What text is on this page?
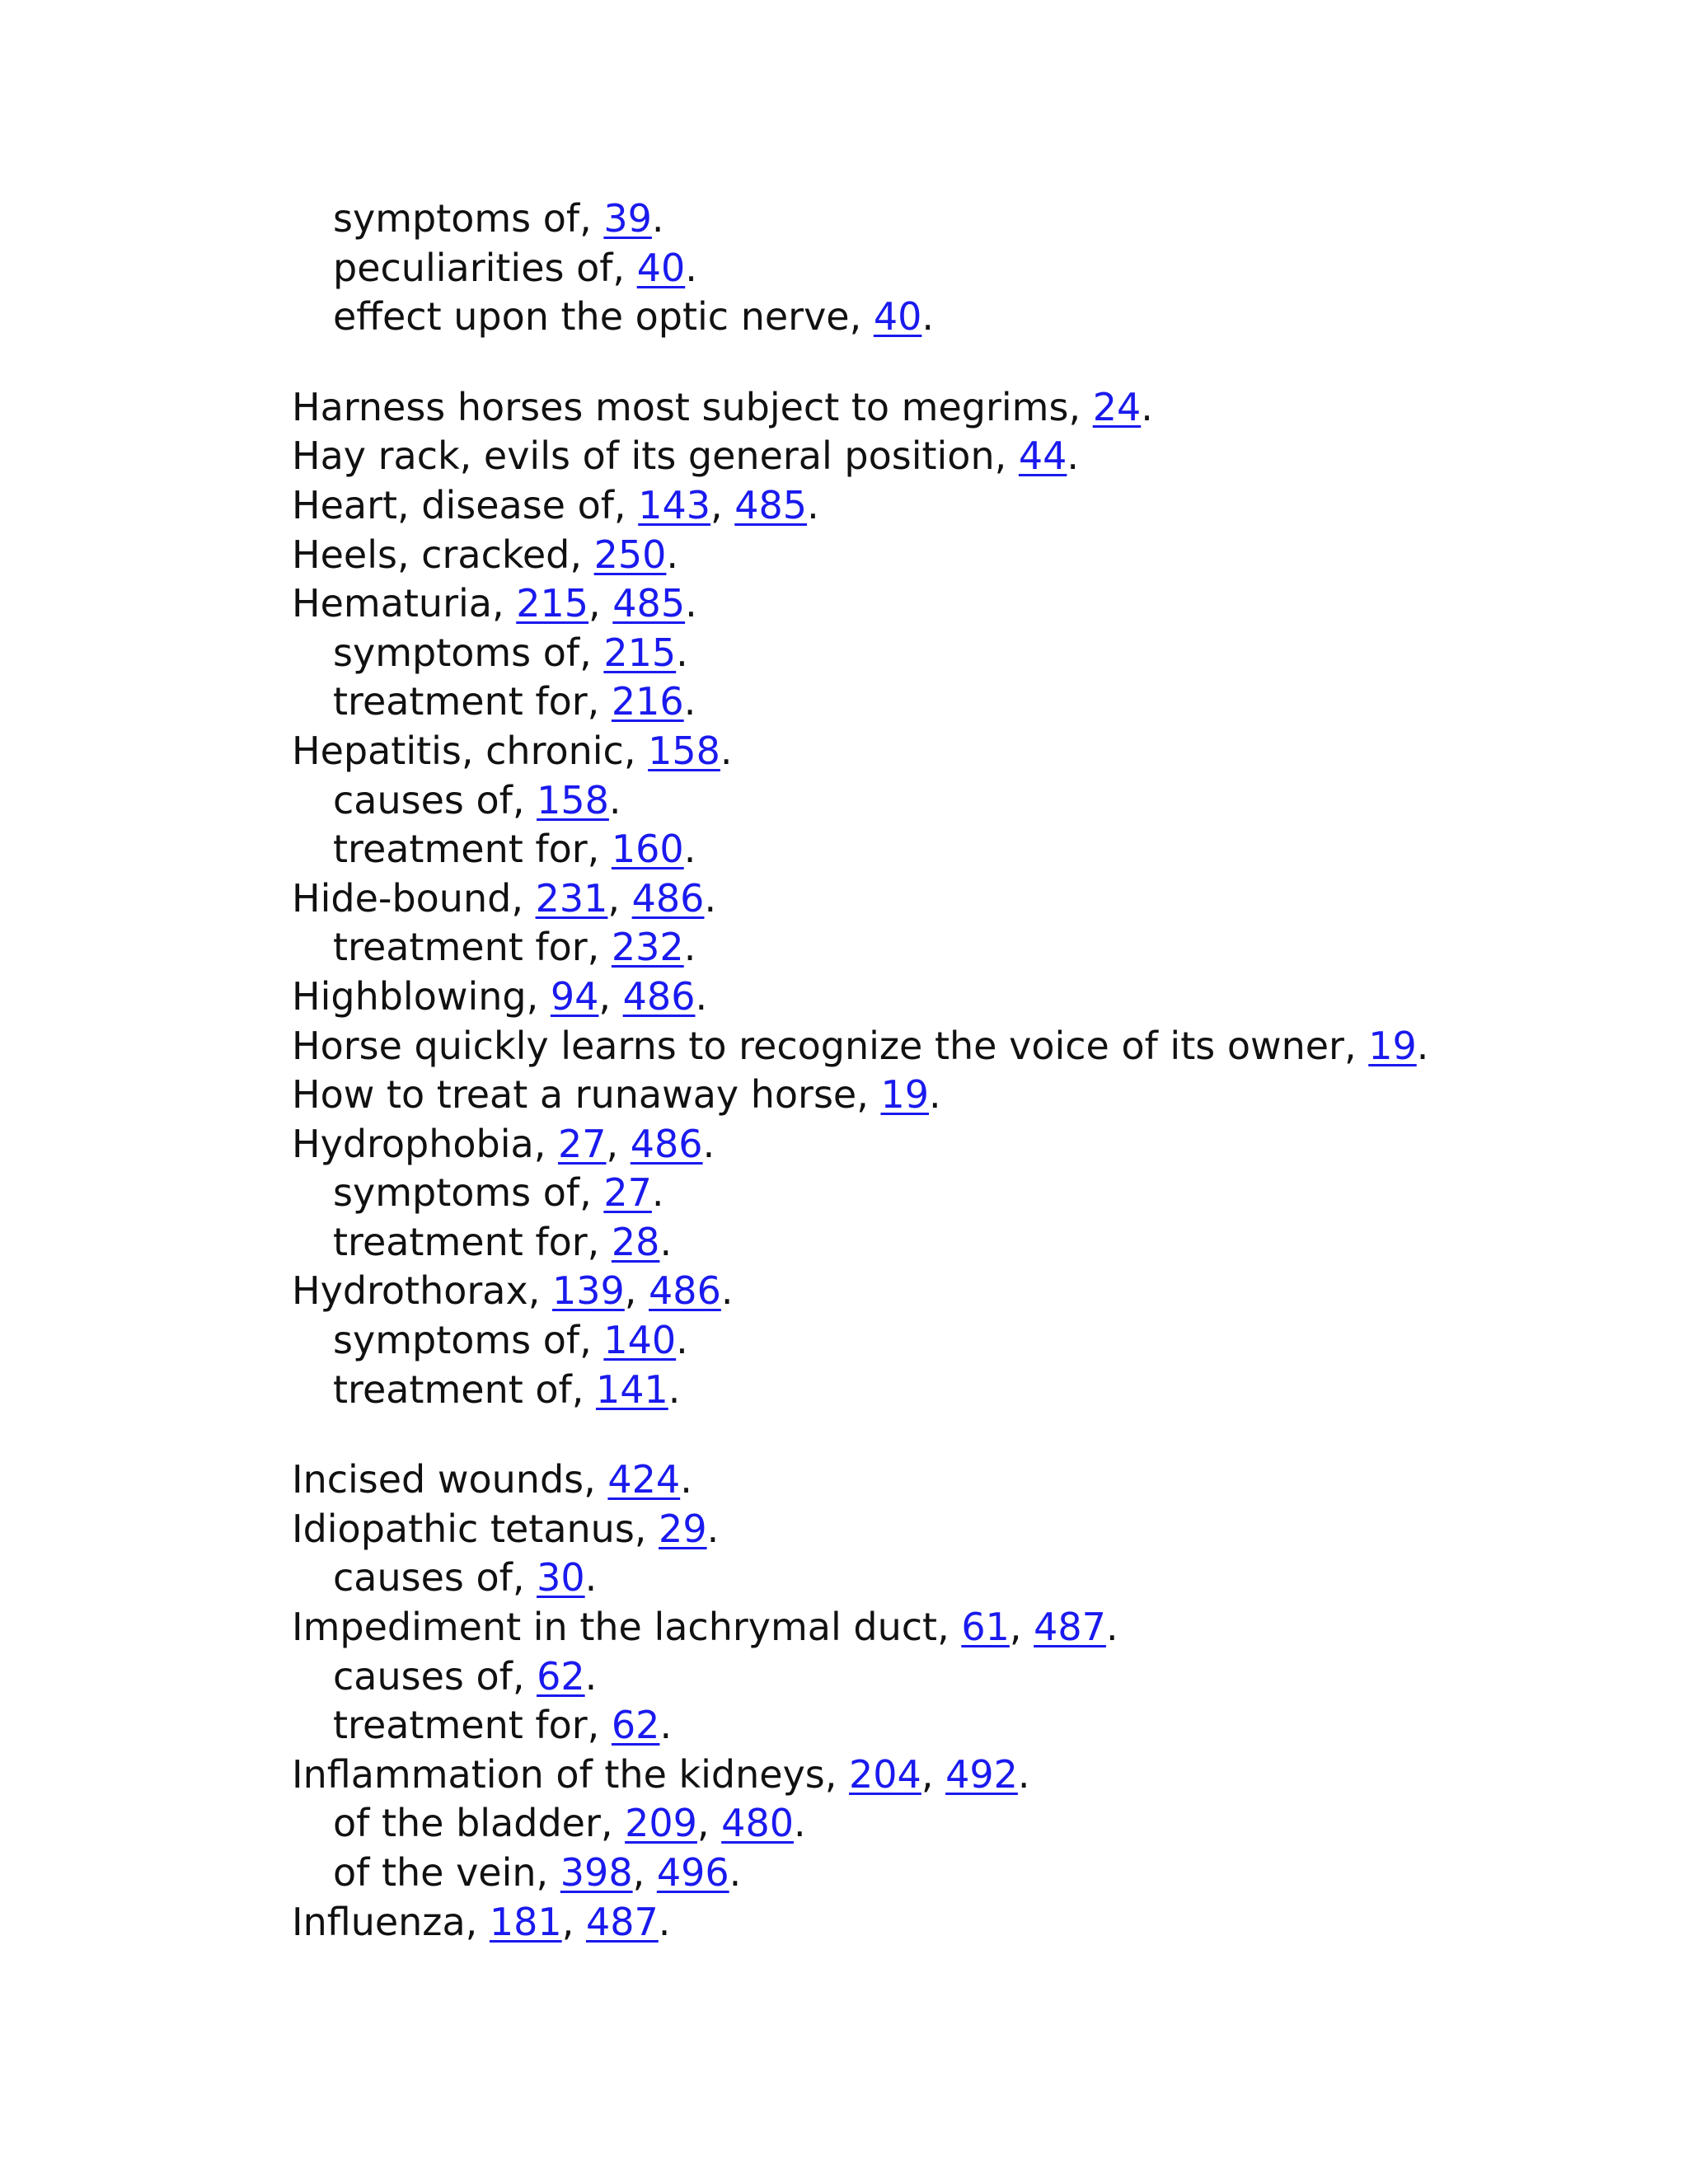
symptoms of, 39.
peculiarities of, 40.
effect upon the optic nerve, 40.
Harness horses most subject to megrims, 24.
Hay rack, evils of its general position, 44.
Heart, disease of, 143, 485.
Heels, cracked, 250.
Hematuria, 215, 485.
symptoms of, 215.
treatment for, 216.
Hepatitis, chronic, 158.
causes of, 158.
treatment for, 160.
Hide-bound, 231, 486.
treatment for, 232.
Highblowing, 94, 486.
Horse quickly learns to recognize the voice of its owner, 19.
How to treat a runaway horse, 19.
Hydrophobia, 27, 486.
symptoms of, 27.
treatment for, 28.
Hydrothorax, 139, 486.
symptoms of, 140.
treatment of, 141.
Incised wounds, 424.
Idiopathic tetanus, 29.
causes of, 30.
Impediment in the lachrymal duct, 61, 487.
causes of, 62.
treatment for, 62.
Inflammation of the kidneys, 204, 492.
of the bladder, 209, 480.
of the vein, 398, 496.
Influenza, 181, 487.
